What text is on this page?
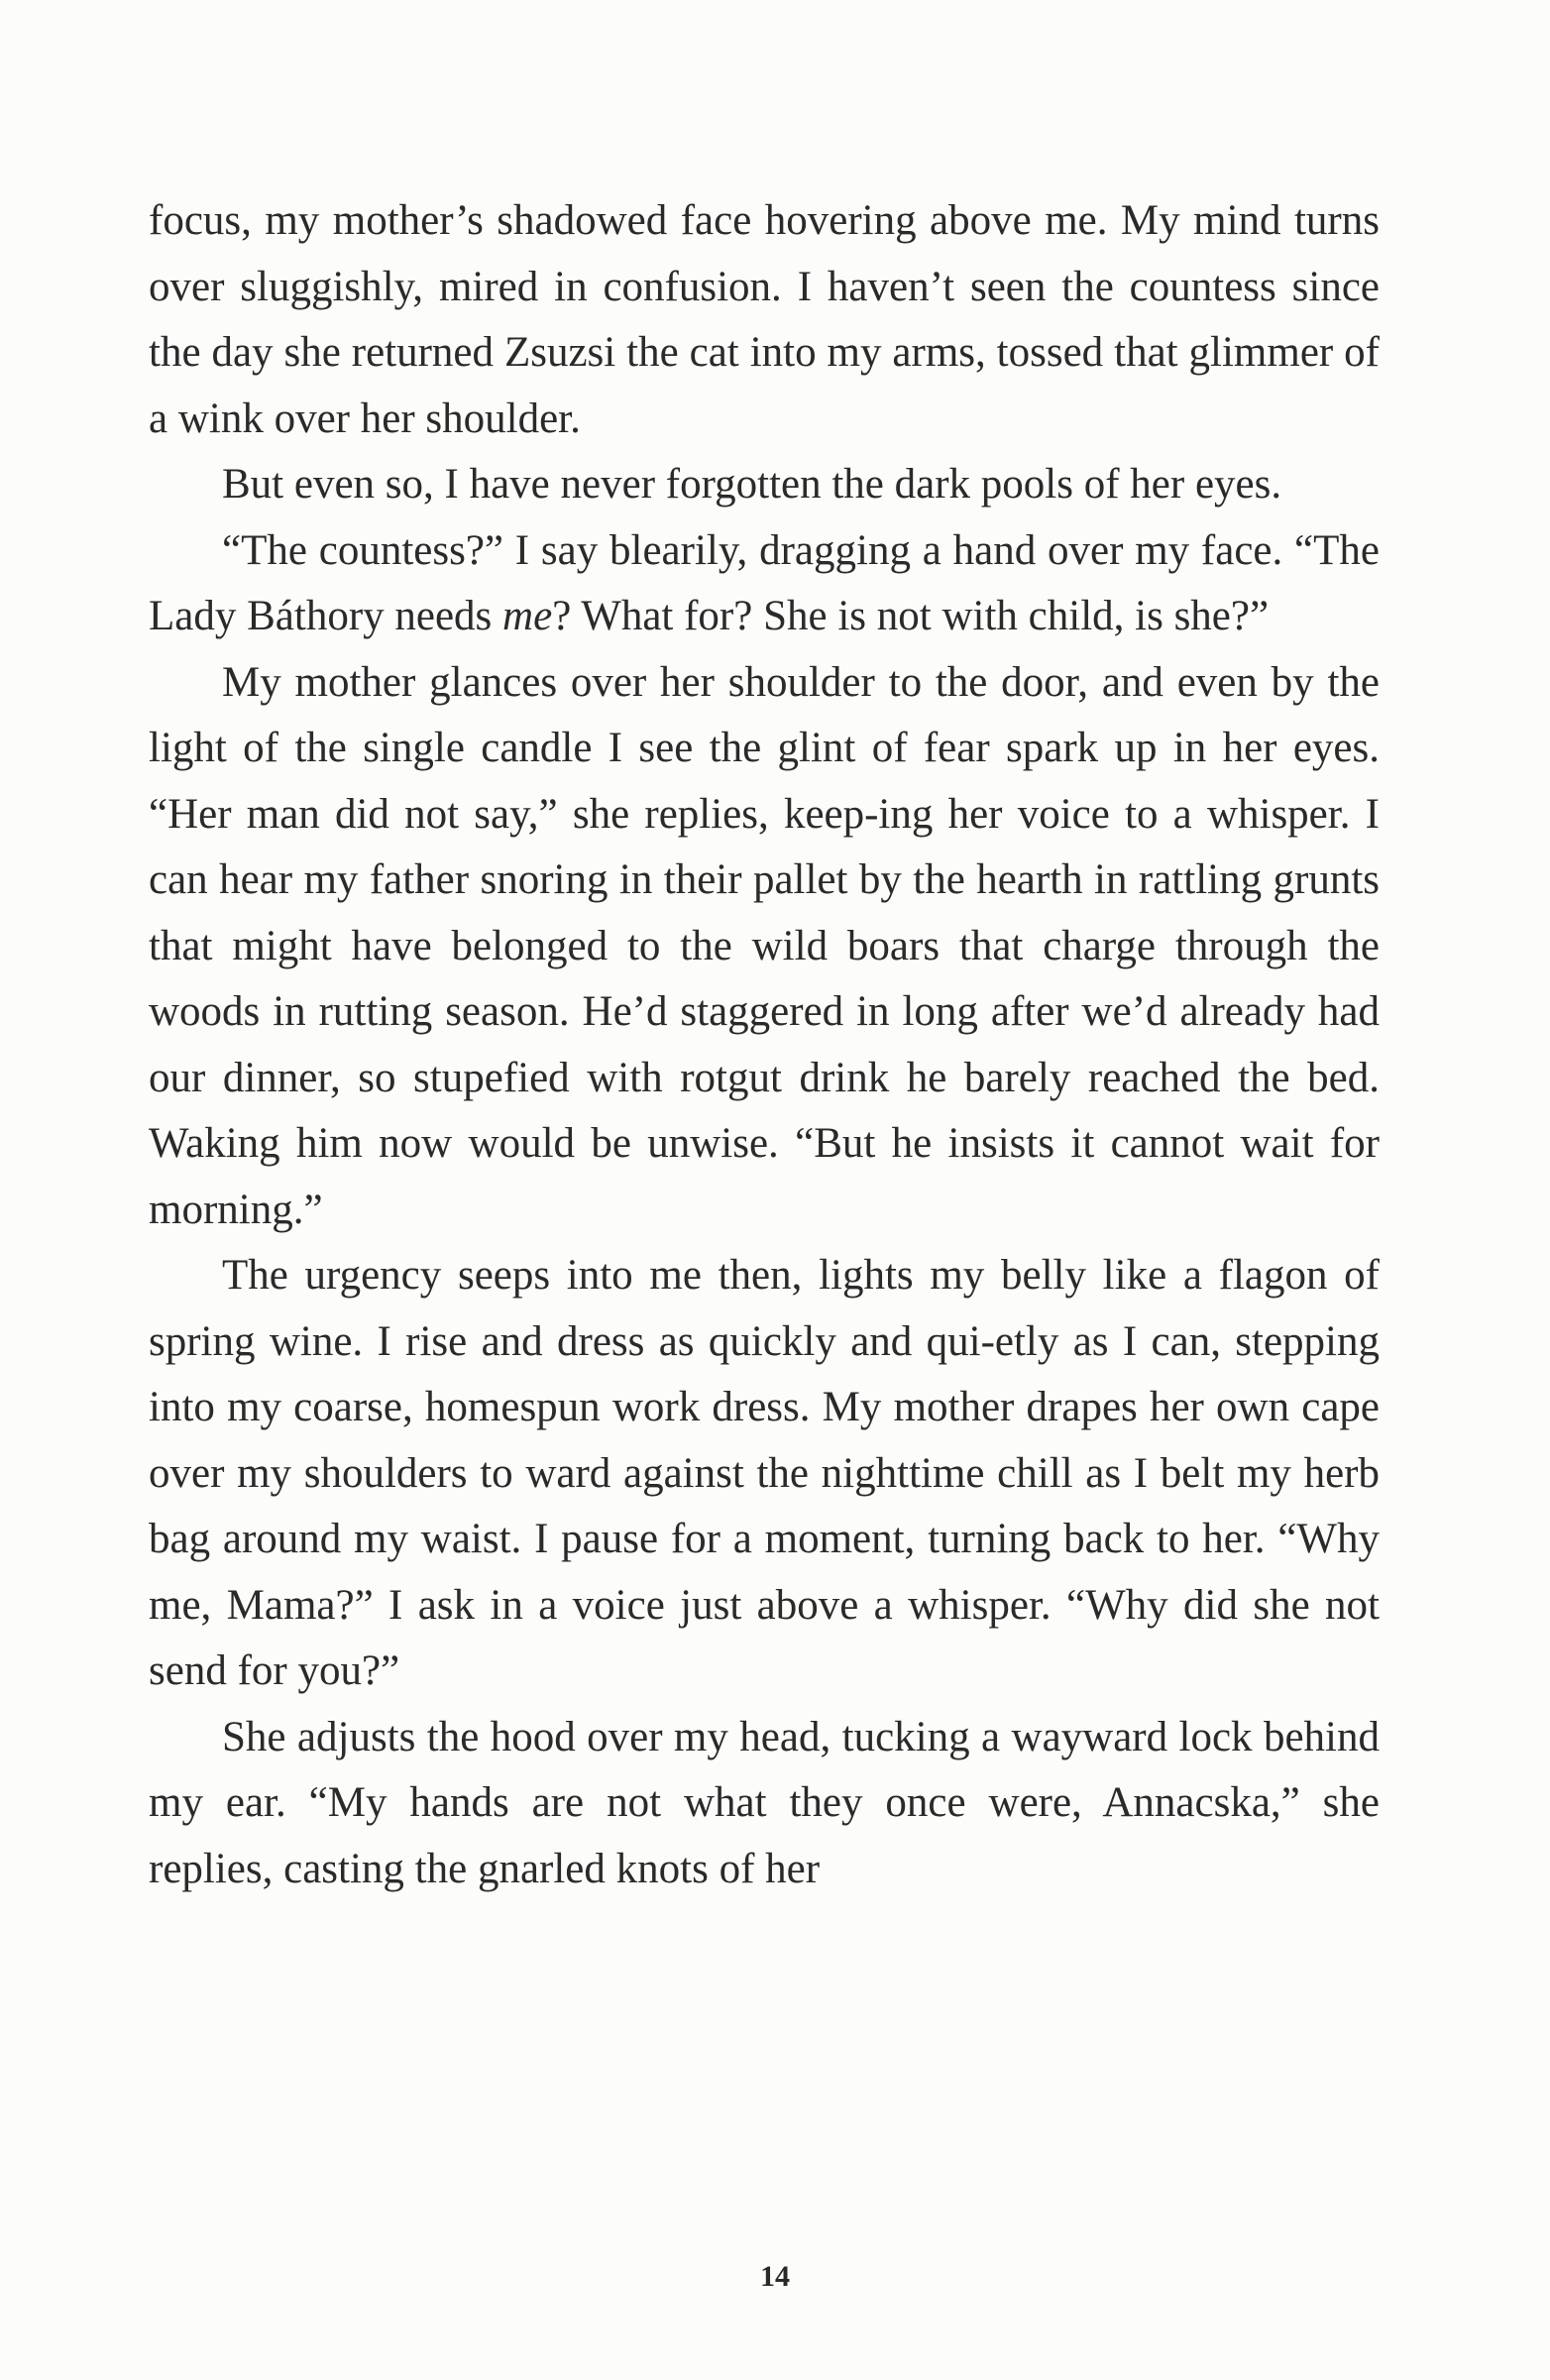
focus, my mother’s shadowed face hovering above me. My mind turns over sluggishly, mired in confusion. I haven’t seen the countess since the day she returned Zsuzsi the cat into my arms, tossed that glimmer of a wink over her shoulder.

But even so, I have never forgotten the dark pools of her eyes.

“The countess?” I say blearily, dragging a hand over my face. “The Lady Báthory needs me? What for? She is not with child, is she?”

My mother glances over her shoulder to the door, and even by the light of the single candle I see the glint of fear spark up in her eyes. “Her man did not say,” she replies, keep-ing her voice to a whisper. I can hear my father snoring in their pallet by the hearth in rattling grunts that might have belonged to the wild boars that charge through the woods in rutting season. He’d staggered in long after we’d already had our dinner, so stupefied with rotgut drink he barely reached the bed. Waking him now would be unwise. “But he insists it cannot wait for morning.”

The urgency seeps into me then, lights my belly like a flagon of spring wine. I rise and dress as quickly and qui-etly as I can, stepping into my coarse, homespun work dress. My mother drapes her own cape over my shoulders to ward against the nighttime chill as I belt my herb bag around my waist. I pause for a moment, turning back to her. “Why me, Mama?” I ask in a voice just above a whisper. “Why did she not send for you?”

She adjusts the hood over my head, tucking a wayward lock behind my ear. “My hands are not what they once were, Annacska,” she replies, casting the gnarled knots of her

14
